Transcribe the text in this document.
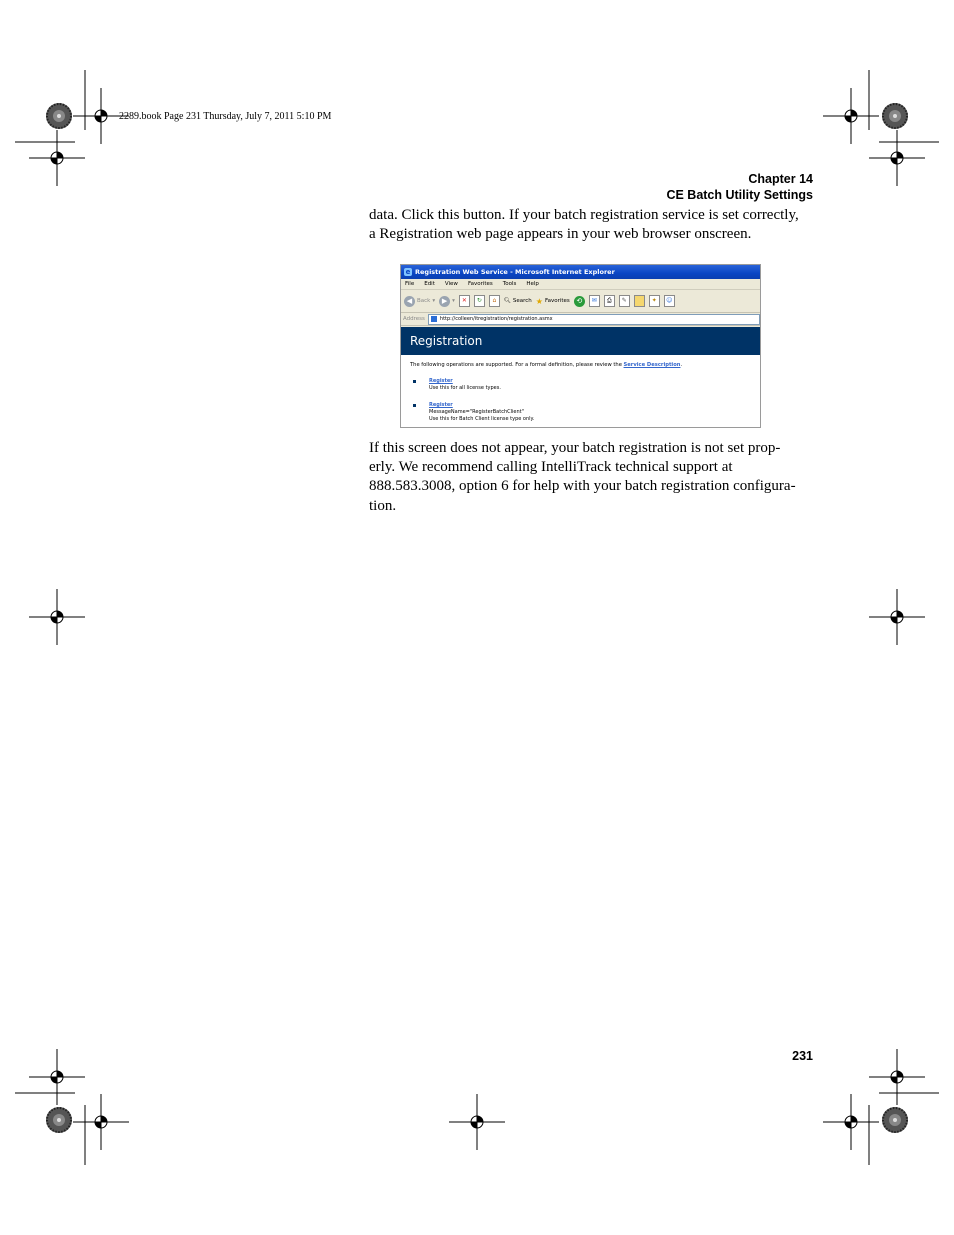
2289.book Page 231 Thursday, July 7, 2011 5:10 PM
Chapter 14
CE Batch Utility Settings
data. Click this button. If your batch registration service is set correctly,
a Registration web page appears in your web browser onscreen.
e Registration Web Service - Microsoft Internet Explorer
File Edit View Favorites Tools Help
◀ Back ▾ ▶ ▾	✕	↻	⌂	🔍︎ Search ★ Favorites ⟲	✉	⎙	✎	✦	☺
Address	http://colleen/itregistration/registration.asmx
Registration

The following operations are supported. For a formal definition, please review the Service Description.

Register
Use this for all license types.
Register
MessageName="RegisterBatchClient"
Use this for Batch Client license type only.
If this screen does not appear, your batch registration is not set prop-
erly. We recommend calling IntelliTrack technical support at
888.583.3008, option 6 for help with your batch registration configura-
tion.
231
